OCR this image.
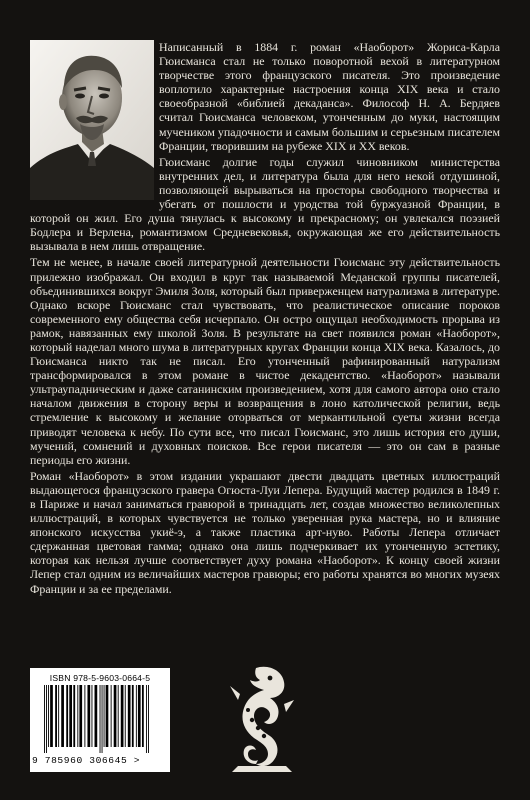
Написанный в 1884 г. роман «Наоборот» Жориса-Карла Гюисманса стал не только поворотной вехой в литературном творчестве этого французского писателя. Это произведение воплотило характерные настроения конца XIX века и стало своеобразной «библией декаданса». Философ Н. А. Бердяев считал Гюисманса человеком, утонченным до муки, настоящим мучеником упадочности и самым большим и серьезным писателем Франции, творившим на рубеже XIX и XX веков.

Гюисманс долгие годы служил чиновником министерства внутренних дел, и литература была для него некой отдушиной, позволяющей вырываться на просторы свободного творчества и убегать от пошлости и уродства той буржуазной Франции, в которой он жил. Его душа тянулась к высокому и прекрасному; он увлекался поэзией Бодлера и Верлена, романтизмом Средневековья, окружающая же его действительность вызывала в нем лишь отвращение.

Тем не менее, в начале своей литературной деятельности Гюисманс эту действительность прилежно изображал. Он входил в круг так называемой Меданской группы писателей, объединившихся вокруг Эмиля Золя, который был приверженцем натурализма в литературе. Однако вскоре Гюисманс стал чувствовать, что реалистическое описание пороков современного ему общества себя исчерпало. Он остро ощущал необходимость прорыва из рамок, навязанных ему школой Золя. В результате на свет появился роман «Наоборот», который наделал много шума в литературных кругах Франции конца XIX века. Казалось, до Гюисманса никто так не писал. Его утонченный рафинированный натурализм трансформировался в этом романе в чистое декадентство. «Наоборот» называли ультраупадническим и даже сатанинским произведением, хотя для самого автора оно стало началом движения в сторону веры и возвращения в лоно католической религии, ведь стремление к высокому и желание оторваться от меркантильной суеты жизни всегда приводят человека к небу. По сути все, что писал Гюисманс, это лишь история его души, мучений, сомнений и духовных поисков. Все герои писателя — это он сам в разные периоды его жизни.

Роман «Наоборот» в этом издании украшают двести двадцать цветных иллюстраций выдающегося французского гравера Огюста-Луи Лепера. Будущий мастер родился в 1849 г. в Париже и начал заниматься гравюрой в тринадцать лет, создав множество великолепных иллюстраций, в которых чувствуется не только уверенная рука мастера, но и влияние японского искусства укиё-э, а также пластика арт-нуво. Работы Лепера отличает сдержанная цветовая гамма; однако она лишь подчеркивает их утонченную эстетику, которая как нельзя лучше соответствует духу романа «Наоборот». К концу своей жизни Лепер стал одним из величайших мастеров гравюры; его работы хранятся во многих музеях Франции и за ее пределами.

ISBN 978-5-9603-0664-5
9 785960 306645 >
